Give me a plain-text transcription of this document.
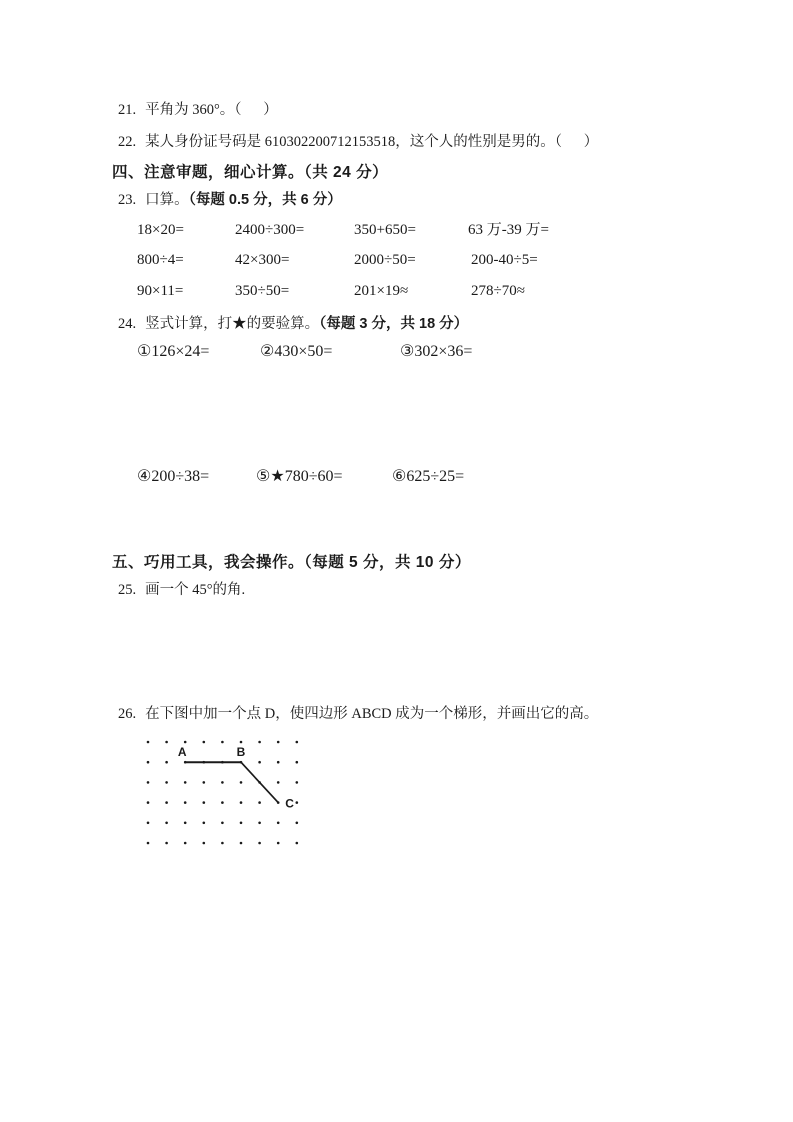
21. 平角为 360°。（      ）
22. 某人身份证号码是 610302200712153518，这个人的性别是男的。（      ）
四、注意审题，细心计算。（共 24 分）
23. 口算。（每题 0.5 分，共 6 分）
18×20=	2400÷300=	350+650=	63 万-39 万=
800÷4=	42×300=	2000÷50=	200-40÷5=
90×11=	350÷50=	201×19≈	278÷70≈
24. 竖式计算，打★的要验算。（每题 3 分，共 18 分）
①126×24=	②430×50=	③302×36=
④200÷38=	⑤★780÷60=	⑥625÷25=
五、巧用工具，我会操作。（每题 5 分，共 10 分）
25. 画一个 45°的角.
26. 在下图中加一个点 D，使四边形 ABCD 成为一个梯形，并画出它的高。
A	B
C
